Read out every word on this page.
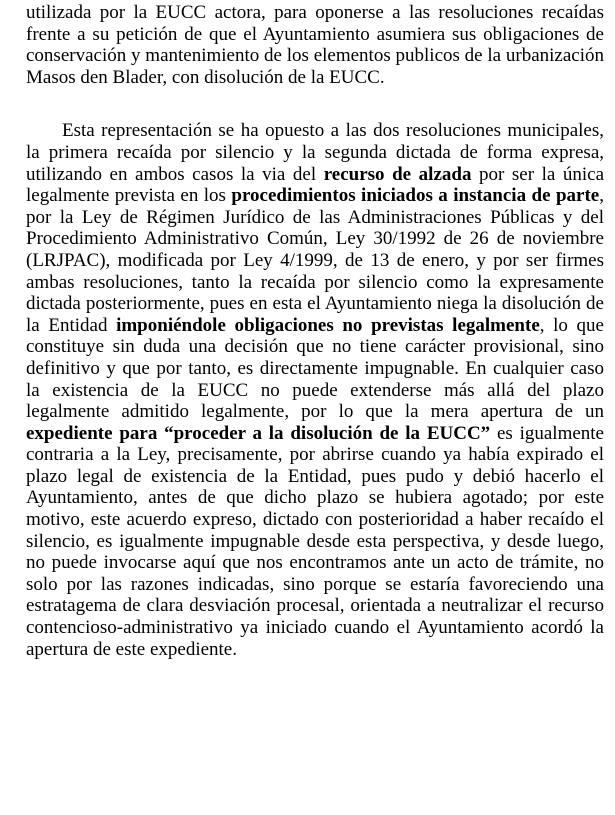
utilizada por la EUCC actora, para oponerse a las resoluciones recaídas frente a su petición de que el Ayuntamiento asumiera sus obligaciones de conservación y mantenimiento de los elementos publicos de la urbanización Masos den Blader, con disolución de la EUCC.

Esta representación se ha opuesto a las dos resoluciones municipales, la primera recaída por silencio y la segunda dictada de forma expresa, utilizando en ambos casos la via del recurso de alzada por ser la única legalmente prevista en los procedimientos iniciados a instancia de parte, por la Ley de Régimen Jurídico de las Administraciones Públicas y del Procedimiento Administrativo Común, Ley 30/1992 de 26 de noviembre (LRJPAC), modificada por Ley 4/1999, de 13 de enero, y por ser firmes ambas resoluciones, tanto la recaída por silencio como la expresamente dictada posteriormente, pues en esta el Ayuntamiento niega la disolución de la Entidad imponiéndole obligaciones no previstas legalmente, lo que constituye sin duda una decisión que no tiene carácter provisional, sino definitivo y que por tanto, es directamente impugnable. En cualquier caso la existencia de la EUCC no puede extenderse más allá del plazo legalmente admitido legalmente, por lo que la mera apertura de un expediente para “proceder a la disolución de la EUCC” es igualmente contraria a la Ley, precisamente, por abrirse cuando ya había expirado el plazo legal de existencia de la Entidad, pues pudo y debió hacerlo el Ayuntamiento, antes de que dicho plazo se hubiera agotado; por este motivo, este acuerdo expreso, dictado con posterioridad a haber recaído el silencio, es igualmente impugnable desde esta perspectiva, y desde luego, no puede invocarse aquí que nos encontramos ante un acto de trámite, no solo por las razones indicadas, sino porque se estaría favoreciendo una estratagema de clara desviación procesal, orientada a neutralizar el recurso contencioso-administrativo ya iniciado cuando el Ayuntamiento acordó la apertura de este expediente.
